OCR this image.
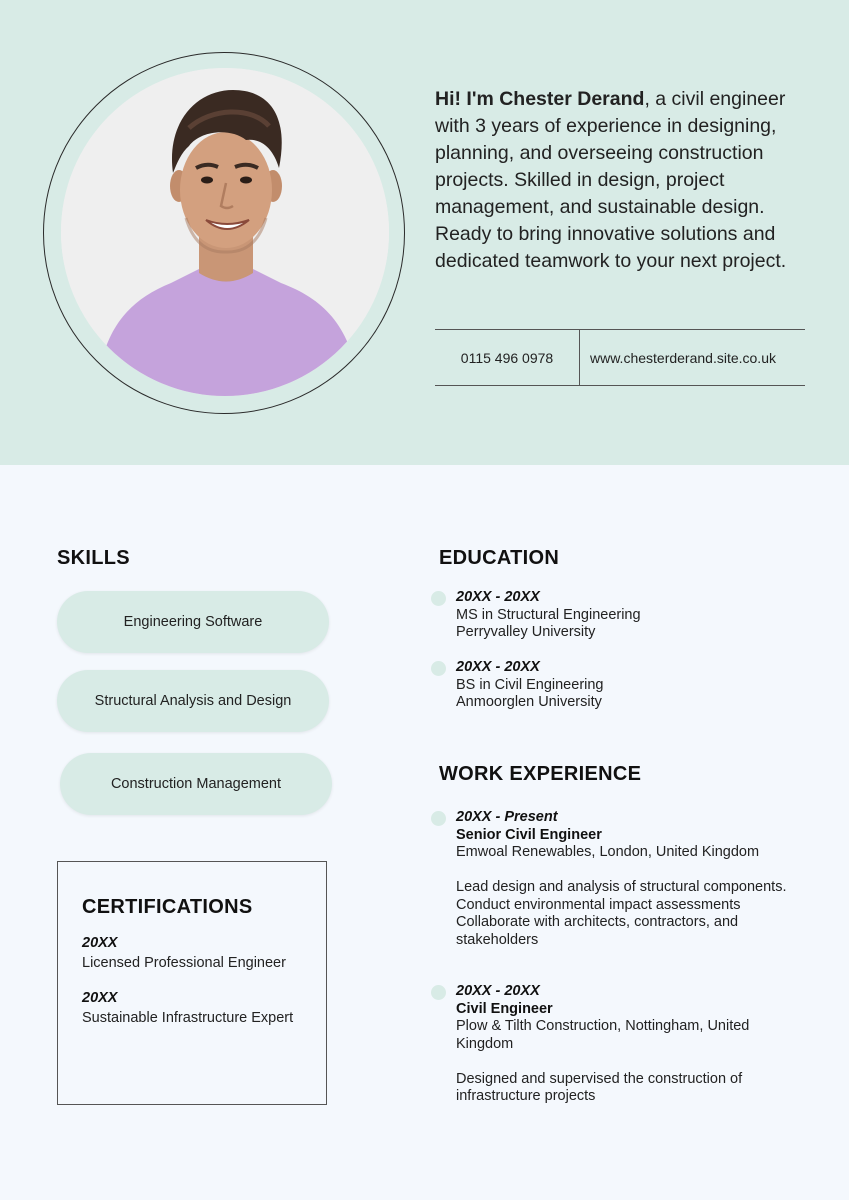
Hi! I'm Chester Derand, a civil engineer with 3 years of experience in designing, planning, and overseeing construction projects. Skilled in design, project management, and sustainable design. Ready to bring innovative solutions and dedicated teamwork to your next project.
0115 496 0978	www.chesterderand.site.co.uk
SKILLS
Engineering Software
Structural Analysis and Design
Construction Management
CERTIFICATIONS
20XX
Licensed Professional Engineer
20XX
Sustainable Infrastructure Expert
EDUCATION
20XX - 20XX
MS in Structural Engineering
Perryvalley University
20XX - 20XX
BS in Civil Engineering
Anmoorglen University
WORK EXPERIENCE
20XX - Present
Senior Civil Engineer
Emwoal Renewables, London, United Kingdom
Lead design and analysis of structural components.
Conduct environmental impact assessments
Collaborate with architects, contractors, and stakeholders
20XX - 20XX
Civil Engineer
Plow & Tilth Construction, Nottingham, United Kingdom
Designed and supervised the construction of infrastructure projects
